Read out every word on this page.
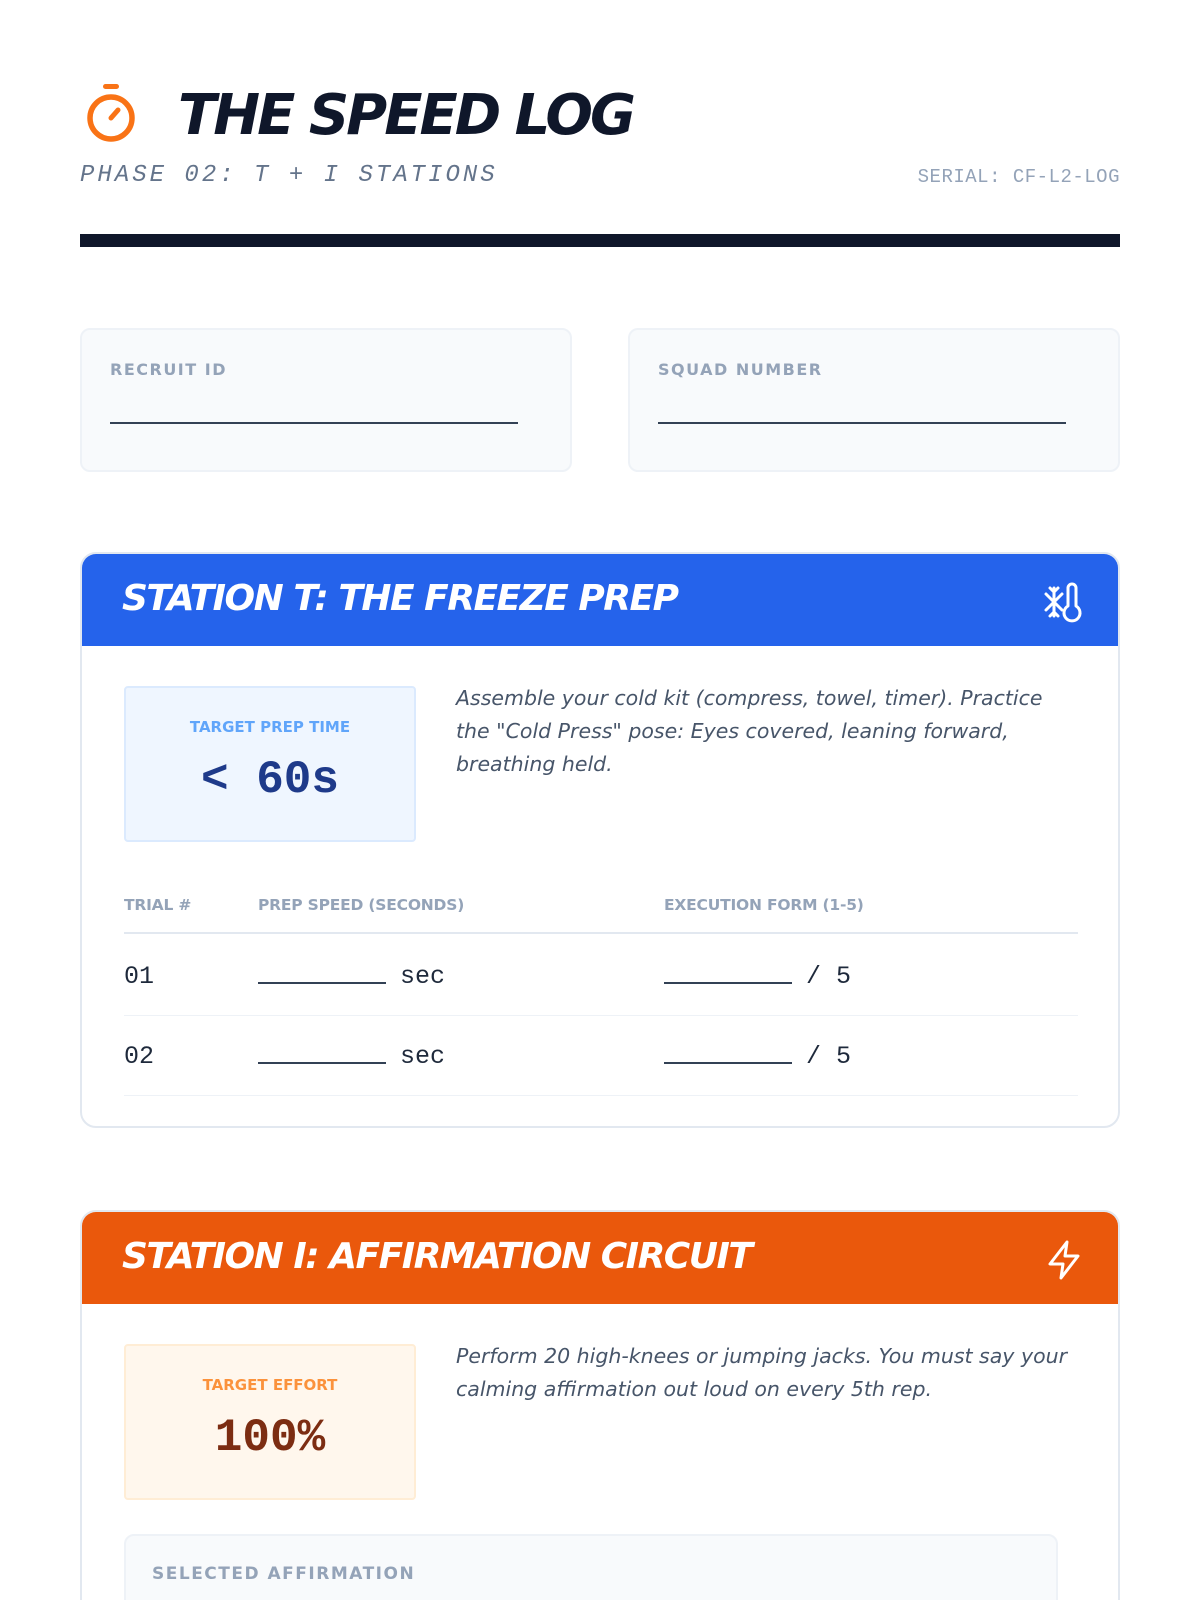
THE SPEED LOG
PHASE 02: T + I STATIONS	SERIAL: CF-L2-LOG
RECRUIT ID	SQUAD NUMBER
STATION T: THE FREEZE PREP
TARGET PREP TIME
< 60s
Assemble your cold kit (compress, towel, timer). Practice the "Cold Press" pose: Eyes covered, leaning forward, breathing held.
TRIAL #	PREP SPEED (SECONDS)	EXECUTION FORM (1-5)
01	sec	/ 5
02	sec	/ 5
STATION I: AFFIRMATION CIRCUIT
TARGET EFFORT
100%
Perform 20 high-knees or jumping jacks. You must say your calming affirmation out loud on every 5th rep.
SELECTED AFFIRMATION
